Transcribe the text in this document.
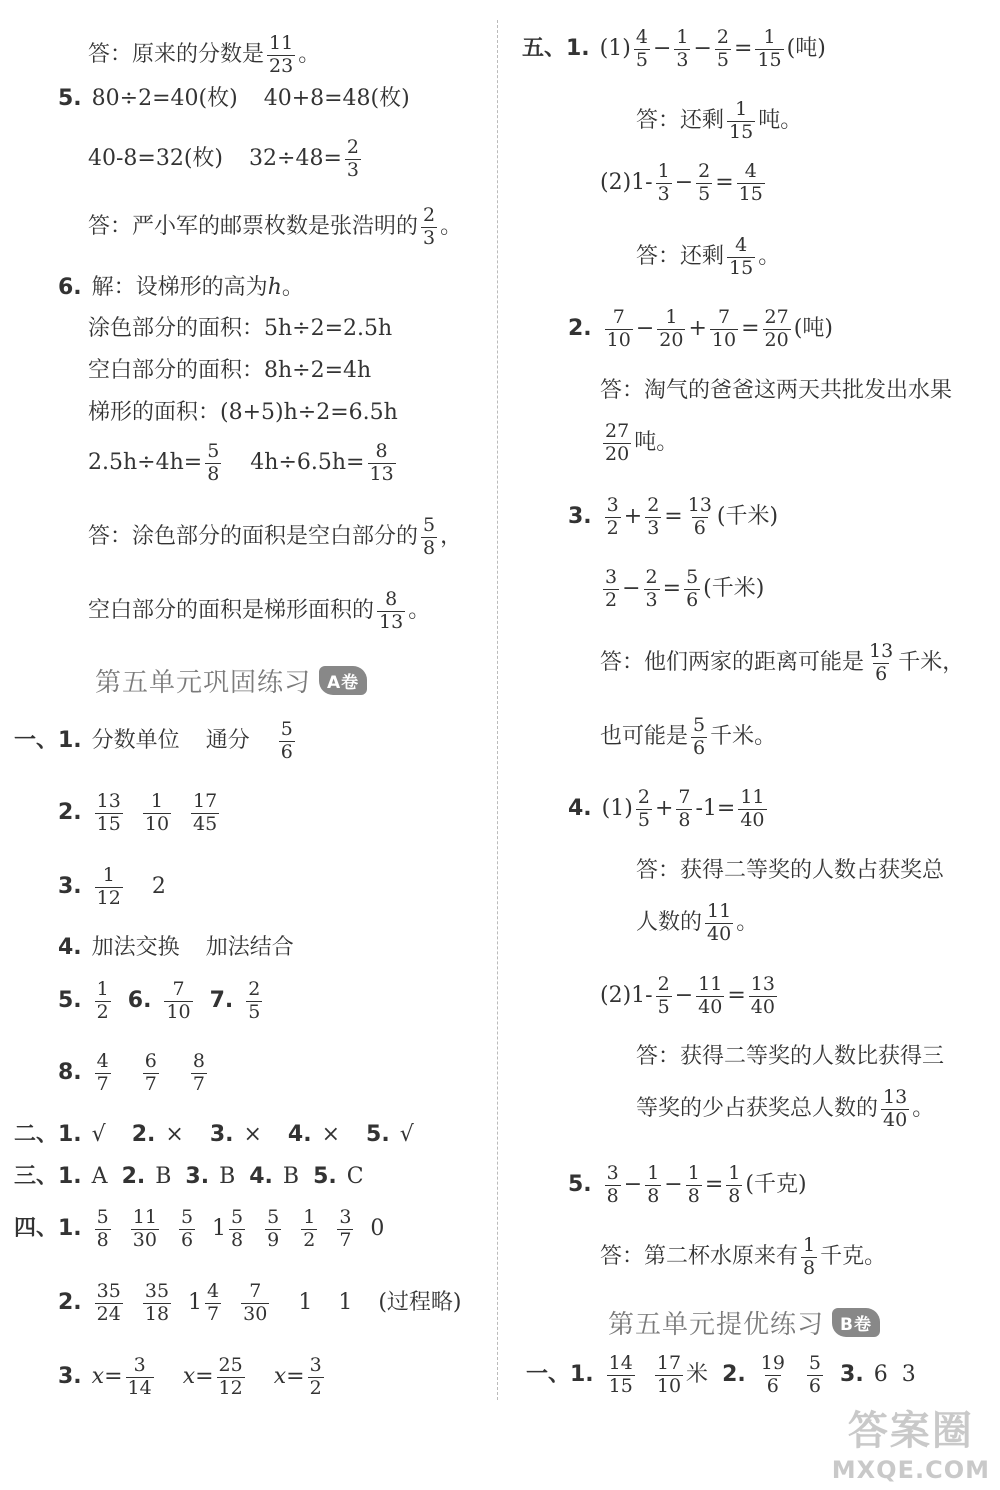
答：原来的分数是 $\frac{11}{23}$ 。
5. 80÷2=40(枚) 40+8=48(枚)
40-8=32(枚) $32\div 48= \frac{2}{3}$
答：严小军的邮票枚数是张浩明的 $\frac{2}{3}$ 。
6. 解：设梯形的高为 h 。
涂色部分的面积：5h÷2=2.5h
空白部分的面积：8h÷2=4h
梯形的面积：(8+5)h÷2=6.5h
$2.5h\div 4h= \frac{5}{8} 4h\div 6.5h= \frac{8}{13}$
答：涂色部分的面积是空白部分的 $\frac{5}{8}$ ，
空白部分的面积是梯形面积的 $\frac{8}{13}$ 。
第五单元巩固练习 A卷
一、1. 分数单位 通分 $\frac{5}{6}$
2. $\frac{13}{15} \frac{1}{10} \frac{17}{45}$
3. $\frac{1}{12} 2$
4. 加法交换 加法结合
5. $\frac{1}{2} 6$. $\frac{7}{10} 7$. $\frac{2}{5}$
8. $\frac{4}{7} \frac{6}{7} \frac{8}{7}$
二、1. √ 2. × 3. × 4. × 5. √
三、1. A 2. B 3. B 4. B 5. C
四、1. $\frac{5}{8} \frac{11}{30} \frac{5}{6} 1 \frac{5}{8} \frac{5}{9} \frac{1}{2} \frac{3}{7} 0$
2. $\frac{35}{24} \frac{35}{18} 1 \frac{4}{7} \frac{7}{30} 1$ 1 (过程略)
3. $x= \frac{3}{14} x= \frac{25}{12} x= \frac{3}{2}$
五、1. $(1) \frac{4}{5} - \frac{1}{3} - \frac{2}{5} = \frac{1}{15}$ (吨)
答：还剩 $\frac{1}{15}$ 吨。
$(2)1- \frac{1}{3} - \frac{2}{5} = \frac{4}{15}$
答：还剩 $\frac{4}{15}$ 。
2. $\frac{7}{10} - \frac{1}{20} + \frac{7}{10} = \frac{27}{20}$ (吨)
答：淘气的爸爸这两天共批发出水果
$\frac{27}{20}$ 吨。
3. $\frac{3}{2} + \frac{2}{3} = \frac{13}{6}$ (千米)
$\frac{3}{2} - \frac{2}{3} = \frac{5}{6}$ (千米)
答：他们两家的距离可能是 $\frac{13}{6}$ 千米，
也可能是 $\frac{5}{6}$ 千米。
4. $(1) \frac{2}{5} + \frac{7}{8} -1= \frac{11}{40}$
答：获得二等奖的人数占获奖总
人数的 $\frac{11}{40}$ 。
$(2)1- \frac{2}{5} - \frac{11}{40} = \frac{13}{40}$
答：获得二等奖的人数比获得三
等奖的少占获奖总人数的 $\frac{13}{40}$ 。
5. $\frac{3}{8} - \frac{1}{8} - \frac{1}{8} = \frac{1}{8}$ (千克)
答：第二杯水原来有 $\frac{1}{8}$ 千克。
第五单元提优练习 B卷
一、1. $\frac{14}{15} \frac{17}{10}$ 米 2. $\frac{19}{6} \frac{5}{6} 3$. 6 3
答案圈
MXQE.COM
